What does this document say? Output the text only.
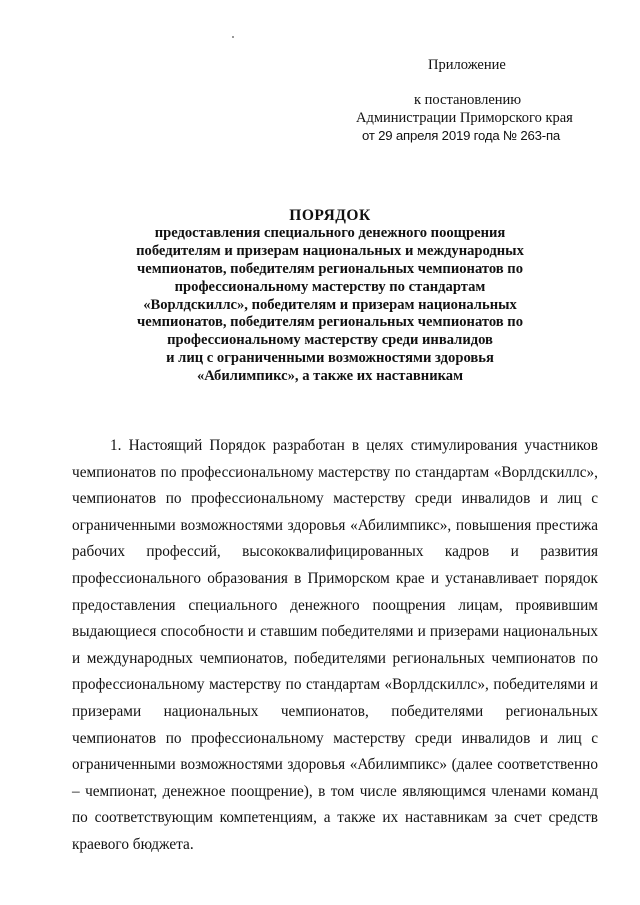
Приложение
к постановлению
Администрации Приморского края
от 29 апреля 2019 года № 263-па
ПОРЯДОК
предоставления специального денежного поощрения
победителям и призерам национальных и международных
чемпионатов, победителям региональных чемпионатов по
профессиональному мастерству по стандартам
«Ворлдскиллс», победителям и призерам национальных
чемпионатов, победителям региональных чемпионатов по
профессиональному мастерству среди инвалидов
и лиц с ограниченными возможностями здоровья
«Абилимпикс», а также их наставникам
1. Настоящий Порядок разработан в целях стимулирования участников чемпионатов по профессиональному мастерству по стандартам «Ворлдскиллс», чемпионатов по профессиональному мастерству среди инвалидов и лиц с ограниченными возможностями здоровья «Абилимпикс», повышения престижа рабочих профессий, высококвалифицированных кадров и развития профессионального образования в Приморском крае и устанавливает порядок предоставления специального денежного поощрения лицам, проявившим выдающиеся способности и ставшим победителями и призерами национальных и международных чемпионатов, победителями региональных чемпионатов по профессиональному мастерству по стандартам «Ворлдскиллс», победителями и призерами национальных чемпионатов, победителями региональных чемпионатов по профессиональному мастерству среди инвалидов и лиц с ограниченными возможностями здоровья «Абилимпикс» (далее соответственно – чемпионат, денежное поощрение), в том числе являющимся членами команд по соответствующим компетенциям, а также их наставникам за счет средств краевого бюджета.
